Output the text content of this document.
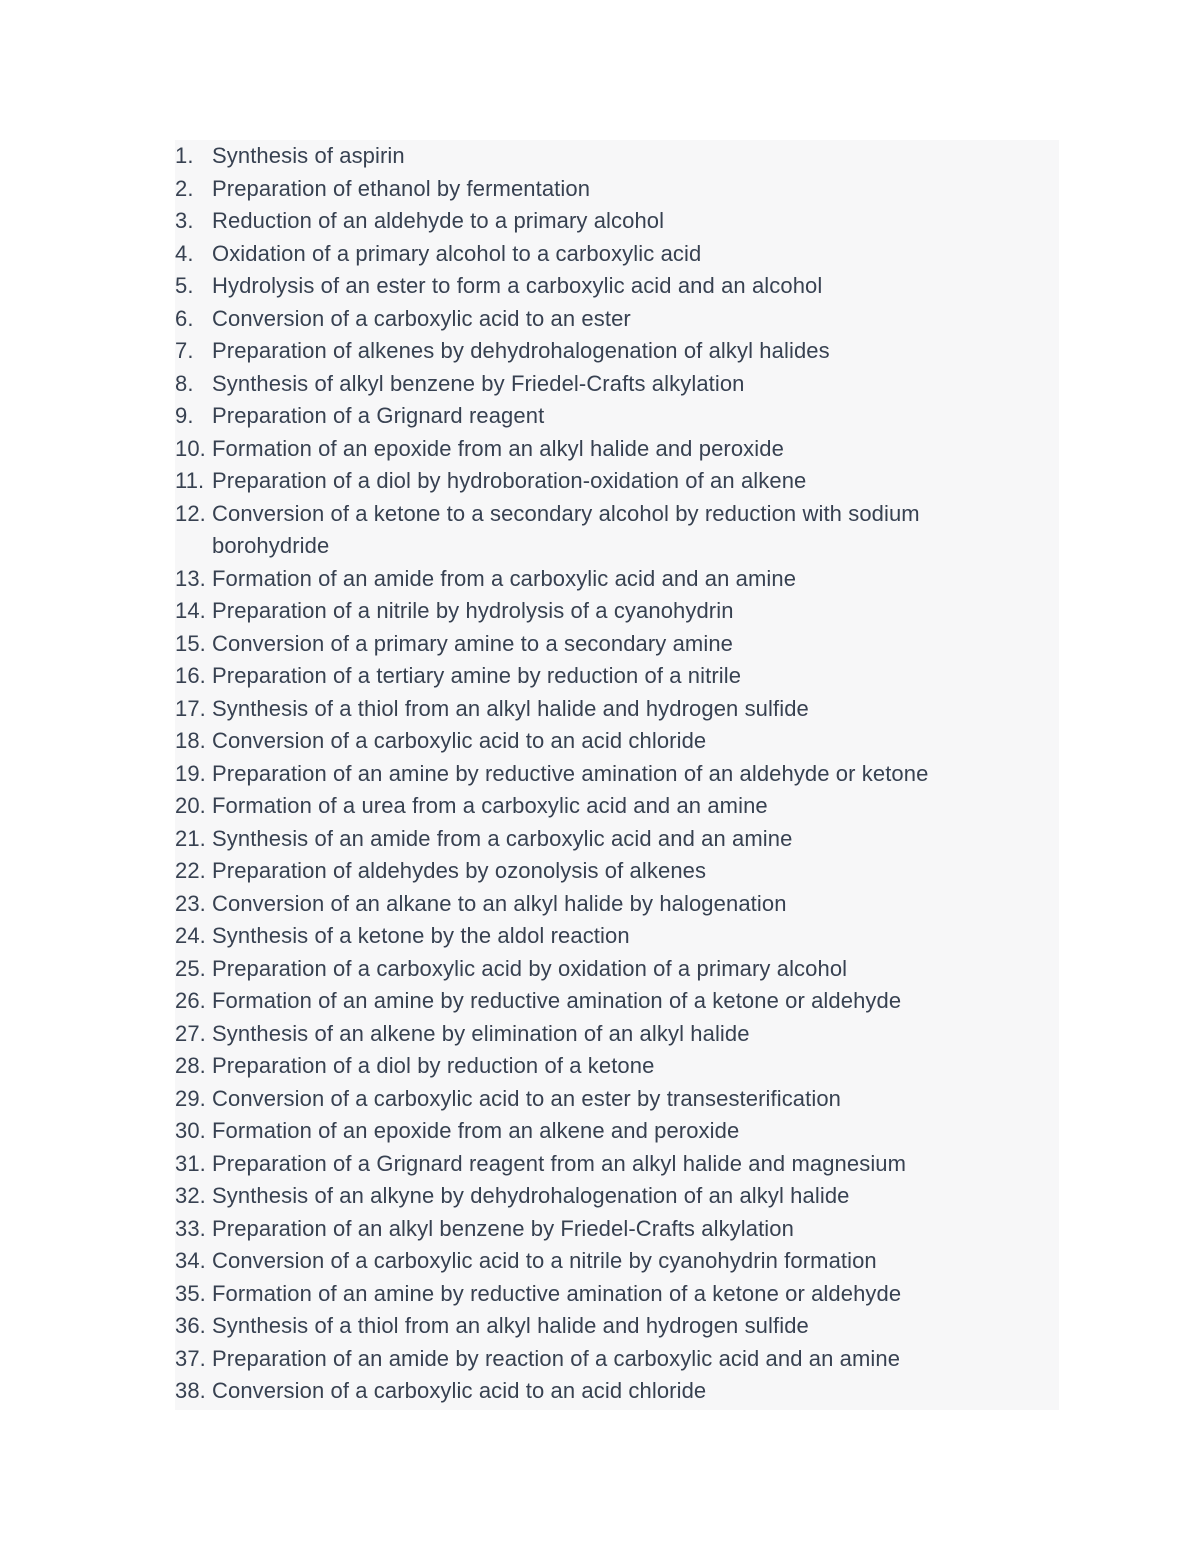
1. Synthesis of aspirin
2. Preparation of ethanol by fermentation
3. Reduction of an aldehyde to a primary alcohol
4. Oxidation of a primary alcohol to a carboxylic acid
5. Hydrolysis of an ester to form a carboxylic acid and an alcohol
6. Conversion of a carboxylic acid to an ester
7. Preparation of alkenes by dehydrohalogenation of alkyl halides
8. Synthesis of alkyl benzene by Friedel-Crafts alkylation
9. Preparation of a Grignard reagent
10. Formation of an epoxide from an alkyl halide and peroxide
11. Preparation of a diol by hydroboration-oxidation of an alkene
12. Conversion of a ketone to a secondary alcohol by reduction with sodium borohydride
13. Formation of an amide from a carboxylic acid and an amine
14. Preparation of a nitrile by hydrolysis of a cyanohydrin
15. Conversion of a primary amine to a secondary amine
16. Preparation of a tertiary amine by reduction of a nitrile
17. Synthesis of a thiol from an alkyl halide and hydrogen sulfide
18. Conversion of a carboxylic acid to an acid chloride
19. Preparation of an amine by reductive amination of an aldehyde or ketone
20. Formation of a urea from a carboxylic acid and an amine
21. Synthesis of an amide from a carboxylic acid and an amine
22. Preparation of aldehydes by ozonolysis of alkenes
23. Conversion of an alkane to an alkyl halide by halogenation
24. Synthesis of a ketone by the aldol reaction
25. Preparation of a carboxylic acid by oxidation of a primary alcohol
26. Formation of an amine by reductive amination of a ketone or aldehyde
27. Synthesis of an alkene by elimination of an alkyl halide
28. Preparation of a diol by reduction of a ketone
29. Conversion of a carboxylic acid to an ester by transesterification
30. Formation of an epoxide from an alkene and peroxide
31. Preparation of a Grignard reagent from an alkyl halide and magnesium
32. Synthesis of an alkyne by dehydrohalogenation of an alkyl halide
33. Preparation of an alkyl benzene by Friedel-Crafts alkylation
34. Conversion of a carboxylic acid to a nitrile by cyanohydrin formation
35. Formation of an amine by reductive amination of a ketone or aldehyde
36. Synthesis of a thiol from an alkyl halide and hydrogen sulfide
37. Preparation of an amide by reaction of a carboxylic acid and an amine
38. Conversion of a carboxylic acid to an acid chloride
